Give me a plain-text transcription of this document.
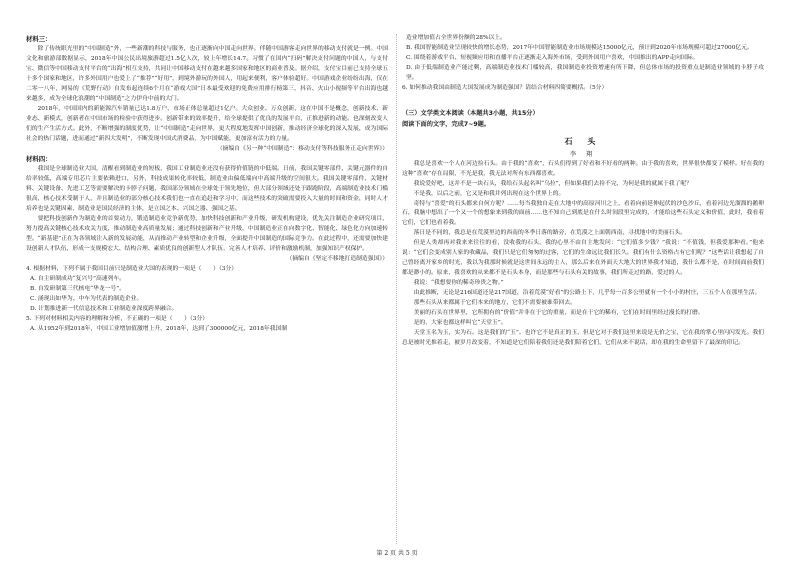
材料三：

除了传统眼光里的“中国制造”外，一些新潮的科技与服务，也正逐渐向中国走向世界。伴随中国游客走向世界的移动支付就是一例。中国文化和旅游部数据显示，2018年中国公民出境旅游超过1.5亿人次，较上年增长14.7。习惯了在国内“扫码”解决支付问题的中国人，与支付宝、微信等中国移动支付平台的“出海”相互支持，共同让中国移动支付在越来越多国家和地区的商业普及。据介绍，支付宝目前已支持全球五十多个国家和地区，许多外国用户也爱上了“推荐”“好用”，到境外游玩的外国人，用起来便利，客户体验超好。中国游戏企业纷纷出海，仅在二零一八年，网易的《荒野行动》自发布起连续6个月在“游戏大国”日本最受欢迎的免费应用排行榜第三，抖音、火山小视频等平台出海也越来越多，成为全球化浪潮的“中国制造”之力伊舟中前的大门。

2018年，中国国内的新能源汽车销量已达1.8万户，市场正体总量超过1亿户。大众创业、万众创新，这在中国不是概念，创新技术、新业态、新模式，创新者在中国市场的检验中获得进步。创新带来的效率提升，给全球提供了优良的发展平台，正推进新的动能。也深刻改变人们的生产生活方式。此外，不断增强的制度优势，让“中国制造”走向世界，更大程度地发挥中国创新，推动经济全球化的深入发展，成为国际社会的热门话题，进而通过“新四大发明”，不断发现中国式消费品，为中国赋能，更加富有活力的力量。

（摘编自《另一种“中国制造”：移动支付等科技服务正走向世界》）

材料四：

我国是全球制造业大国，清醒看到制造业的短板，我国工业制造业还没有获得价值链的中低端。日前，我国关键零部件、关键元器件的自给率较低，高端专用芯片主要依赖进口，另外，科技成果转化率较低，制造业由偏低端向中高端升级的空间很大。我国关键零部件、关键材料、关键设备、先进工艺等需要解决的卡脖子问题，我国部分领域在全球处于领先地位，但大部分领域还处于跟跑阶段，高端制造业技术门槛很高，核心技术受制于人，并且制造业的部分核心技术我们也一直在追赶和学习中，而这些技术的突破需要投入大量的时间和资金，同时人才培养也是关键因素，制造业是国民经济的主体，是立国之本、兴国之器、强国之基。

要把科技创新作为制造业的首要动力，锻造制造业竞争新优势，加快科技创新和产业升级，研发机构建设，优先关注制造企业研究项目，努力提高关键核心技术攻关力度，推动制造业高质量发展；通过科技创新和产业升级，中国制造业正在向数字化、智能化、绿色化方向加速转型。“新基建”正在为各领域注入新的发展动能，从而推动产业转型和企业升级，全面提升中国制造的国际竞争力。在此过程中，还需要加快建设创新人才队伍，形成一支规模宏大、结构合理、素质优良的创新型人才队伍，完善人才培养、评价和激励机制，加强知识产权保护。

（摘编自《坚定不移地打造制造强国》）

4. 根据材料，下列不属于我国目前只是制造业大国的表现的一项是（　　）（3分）

A. 自主研制成功“复兴号”高速列车。

B. 自发研制第三代核电“华龙一号”。

C. 涌现出如华为、中车为代表的制造企业。

D. 计划推进新一代信息技术和工业制造业深度跨界融合。

5. 下列对材料相关内容的理解和分析，不正确的一项是（　　）（3分）

A. 从1952年到2018年，中国工业增加值激增上升，2018年，达到了300000亿元，2018年我国制

造业增加值占全世界份额的28%以上。

B. 我国智能制造业呈现较快的增长态势，2017年中国智能制造业市场规模达15000亿元，预计到2020年市场规模可超过27000亿元。

C. 围绕着游戏平台、短视频应用和直播平台正逐渐走入海外市场，受到外国用户喜欢，中国推出的APP走向国际。

D. 由于低端制造业产能过剩，高端制造业技术门槛较高，我国制造业投资增速有所下降，但总体市场的投资重点是制造业领域的卡脖子攻坚。

6. 如何推动我国由制造大国发展成为制造强国？请结合材料四简要概括。（5分）

（三）文学类文本阅读（本题共3小题，共15分）

阅读下面的文字，完成7~9题。

石 头

李 翔

我总是喜欢一个人在河边捡石头。由于我的“喜欢”，石头们得到了好看和不好看的两种。由于我的喜欢，世界很快都变了模样。好在我的这种“喜欢”存在局限，不光是我，我无法对所有东西都喜欢。

我说爱好吧，这并不是一块石头，我给石头起名叫“乌拉”，但如果我们去捡不完，为何是我的就属于我了呢？

不是我，以后之前，它又是和我并列出现在这个世界上的。

奇特与“喜爱”的石头都来自何方呢？……每当我独自走在大地中的高原河川之上，看着向前延伸起伏的沙色沙丘，看着河边光溜溜的鹅卵石，我脑中想出了一个又一个的想象来到我的面前……也不知自己到底是在什么时间段里完成的，才能给这些石头定义和价值，此时，我看着它们，它们也看着我。

落日是不同的，我总是在荒漠里边的西南的冬季日落的路旁，在荒漠之上面朝西南，寻找地中的美丽石头。

但是人类却再对我来来往往的看，没收我的石头，我的心里不由自主地发问：“它们值多少钱？”我说：“不值钱，但我爱那种看。”他来说：“它们会变成别人家的收藏品，我们只是它们匆匆的过客，它们的生命远比我们长久。我们有什么资格占有它们呢？”这些话让我想起了自己曾经离开家乡的时光，我以为我那时候就是这世间永远的主人，那么后来在外面天大地大的世界我才知道，我什么都不是，在时间面前我们都是渺小的。原来，我喜欢的从来都不是石头本身，而是那些与石头有关的故事，我们所走过的路，爱过的人。

我说：“我想要你的稀奇珍贵之物。”

由此推断，无论是216国道还是217国道，沿着荒漠“好看”的公路上下，几乎每一百多公里就有一个小小的村庄，三五个人在那里生活。

那些石头从来都属于它们本来的地方，它们不需要被谁带回去。

美丽的石头在世界里，它所拥有的“价值”并非在于它的重量，而是在于它的稀有，它们在时间里经过漫长的打磨。

是的，大家也都这样叫它“天堂玉”。

天堂玉名为玉，实为石。这是我们的“玉”。也许它不是真正的玉，但是它对于我们这里来说是无价之宝，它在我的掌心里闪闪发光。我们总是被时光推着走，被岁月改变着，不知道是它们陪着我们还是我们陪着它们，它们从来不说话，却在我的生命里留下了最深的印记。

第 2 页 共 5 页
